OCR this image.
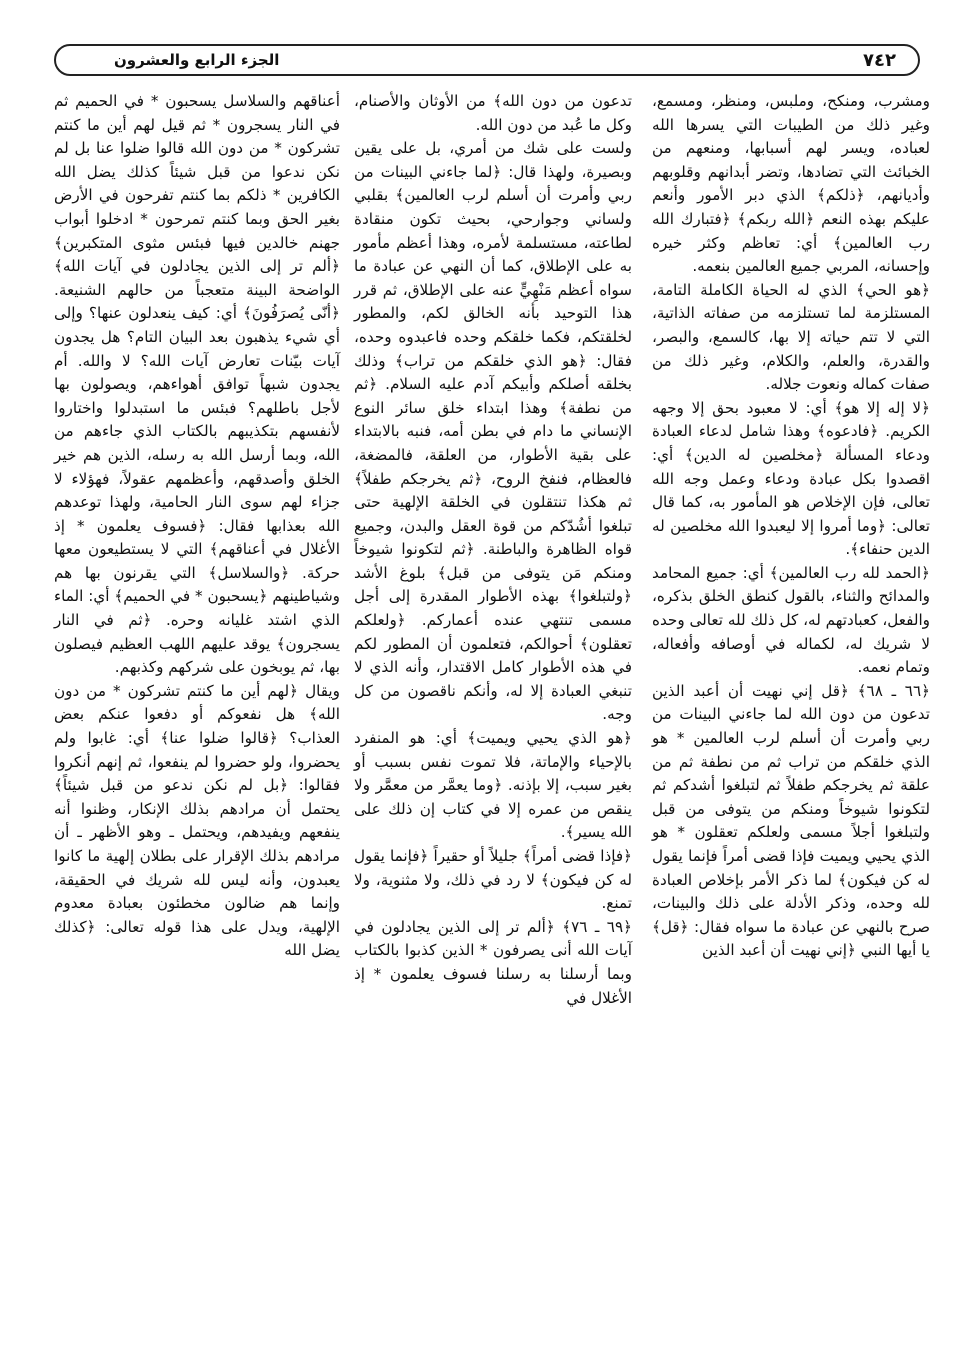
٧٤٢
الجزء الرابع والعشرون

ومشرب، ومنكح، وملبس، ومنظر، ومسمع، وغير ذلك من الطيبات التي يسرها الله لعباده، ويسر لهم أسبابها، ومنعهم من الخبائث التي تضادها، وتضر أبدانهم وقلوبهم وأديانهم، ﴿ذلكم﴾ الذي دبر الأمور وأنعم عليكم بهذه النعم ﴿الله ربكم﴾ ﴿فتبارك الله رب العالمين﴾ أي: تعاظم وكثر خيره وإحسانه، المربي جميع العالمين بنعمه.

﴿هو الحي﴾ الذي له الحياة الكاملة التامة، المستلزمة لما تستلزمه من صفاته الذاتية، التي لا تتم حياته إلا بها، كالسمع، والبصر، والقدرة، والعلم، والكلام، وغير ذلك من صفات كماله ونعوت جلاله.

﴿لا إله إلا هو﴾ أي: لا معبود بحق إلا وجهه الكريم. ﴿فادعوه﴾ وهذا شامل لدعاء العبادة ودعاء المسألة ﴿مخلصين له الدين﴾ أي: اقصدوا بكل عبادة ودعاء وعمل وجه الله تعالى، فإن الإخلاص هو المأمور به، كما قال تعالى: ﴿وما أمروا إلا ليعبدوا الله مخلصين له الدين حنفاء﴾.

﴿الحمد لله رب العالمين﴾ أي: جميع المحامد والمدائح والثناء، بالقول كنطق الخلق بذكره، والفعل، كعبادتهم له، كل ذلك لله تعالى وحده لا شريك له، لكماله في أوصافه وأفعاله، وتمام نعمه.

﴿٦٦ ـ ٦٨﴾ ﴿قل إني نهيت أن أعبد الذين تدعون من دون الله لما جاءني البينات من ربي وأمرت أن أسلم لرب العالمين * هو الذي خلقكم من تراب ثم من نطفة ثم من علقة ثم يخرجكم طفلاً ثم لتبلغوا أشدكم ثم لتكونوا شيوخاً ومنكم من يتوفى من قبل ولتبلغوا أجلاً مسمى ولعلكم تعقلون * هو الذي يحيي ويميت فإذا قضى أمراً فإنما يقول له كن فيكون﴾ لما ذكر الأمر بإخلاص العبادة لله وحده، وذكر الأدلة على ذلك والبينات، صرح بالنهي عن عبادة ما سواه فقال: ﴿قل﴾ يا أيها النبي ﴿إني نهيت أن أعبد الذين

تدعون من دون الله﴾ من الأوثان والأصنام، وكل ما عُبد من دون الله.

ولست على شك من أمري، بل على يقين وبصيرة، ولهذا قال: ﴿لما جاءني البينات من ربي وأمرت أن أسلم لرب العالمين﴾ بقلبي ولساني وجوارحي، بحيث تكون منقادة لطاعته، مستسلمة لأمره، وهذا أعظم مأمور به على الإطلاق، كما أن النهي عن عبادة ما سواه أعظم مَنْهِيٍّ عنه على الإطلاق، ثم قرر هذا التوحيد بأنه الخالق لكم، والمطور لخلقتكم، فكما خلقكم وحده فاعبدوه وحده، فقال: ﴿هو الذي خلقكم من تراب﴾ وذلك بخلقه أصلكم وأبيكم آدم عليه السلام. ﴿ثم من نطفة﴾ وهذا ابتداء خلق سائر النوع الإنساني ما دام في بطن أمه، فنبه بالابتداء على بقية الأطوار، من العلقة، فالمضغة، فالعظام، فنفخ الروح، ﴿ثم يخرجكم طفلاً﴾ ثم هكذا تنتقلون في الخلقة الإلهية حتى تبلغوا أشُدّكم من قوة العقل والبدن، وجميع قواه الظاهرة والباطنة. ﴿ثم لتكونوا شيوخاً ومنكم مَن يتوفى من قبل﴾ بلوغ الأشد ﴿ولتبلغوا﴾ بهذه الأطوار المقدرة إلى أجل مسمى تنتهي عنده أعماركم. ﴿ولعلكم تعقلون﴾ أحوالكم، فتعلمون أن المطور لكم في هذه الأطوار كامل الاقتدار، وأنه الذي لا تنبغي العبادة إلا له، وأنكم ناقصون من كل وجه.

﴿هو الذي يحيي ويميت﴾ أي: هو المنفرد بالإحياء والإماتة، فلا تموت نفس بسبب أو بغير سبب، إلا بإذنه. ﴿وما يعمَّر من معمَّر ولا ينقص من عمره إلا في كتاب إن ذلك على الله يسير﴾.

﴿فإذا قضى أمراً﴾ جليلاً أو حقيراً ﴿فإنما يقول له كن فيكون﴾ لا رد في ذلك، ولا مثنوية، ولا تمنع.

﴿٦٩ ـ ٧٦﴾ ﴿ألم تر إلى الذين يجادلون في آيات الله أنى يصرفون * الذين كذبوا بالكتاب وبما أرسلنا به رسلنا فسوف يعلمون * إذ الأغلال في

أعناقهم والسلاسل يسحبون * في الحميم ثم في النار يسجرون * ثم قيل لهم أين ما كنتم تشركون * من دون الله قالوا ضلوا عنا بل لم نكن ندعوا من قبل شيئاً كذلك يضل الله الكافرين * ذلكم بما كنتم تفرحون في الأرض بغير الحق وبما كنتم تمرحون * ادخلوا أبواب جهنم خالدين فيها فبئس مثوى المتكبرين﴾ ﴿ألم تر إلى الذين يجادلون في آيات الله﴾ الواضحة البينة متعجباً من حالهم الشنيعة. ﴿أنّى يُصرَفُونَ﴾ أي: كيف ينعدلون عنها؟ وإلى أي شيء يذهبون بعد البيان التام؟ هل يجدون آيات بيّنات تعارض آيات الله؟ لا والله. أم يجدون شبهاً توافق أهواءهم، ويصولون بها لأجل باطلهم؟ فبئس ما استبدلوا واختاروا لأنفسهم بتكذيبهم بالكتاب الذي جاءهم من الله، وبما أرسل الله به رسله، الذين هم خير الخلق وأصدقهم، وأعظمهم عقولاً، فهؤلاء لا جزاء لهم سوى النار الحامية، ولهذا توعدهم الله بعذابها فقال: ﴿فسوف يعلمون * إذ الأغلال في أعناقهم﴾ التي لا يستطيعون معها حركة. ﴿والسلاسل﴾ التي يقرنون بها هم وشياطينهم ﴿يسحبون * في الحميم﴾ أي: الماء الذي اشتد غليانه وحره. ﴿ثم في النار يسجرون﴾ يوقد عليهم اللهب العظيم فيصلون بها، ثم يوبخون على شركهم وكذبهم.

ويقال ﴿لهم أين ما كنتم تشركون * من دون الله﴾ هل نفعوكم أو دفعوا عنكم بعض العذاب؟ ﴿قالوا ضلوا عنا﴾ أي: غابوا ولم يحضروا، ولو حضروا لم ينفعوا، ثم إنهم أنكروا فقالوا: ﴿بل لم نكن ندعو من قبل شيئاً﴾ يحتمل أن مرادهم بذلك الإنكار، وظنوا أنه ينفعهم ويفيدهم، ويحتمل ـ وهو الأظهر ـ أن مرادهم بذلك الإقرار على بطلان إلهية ما كانوا يعبدون، وأنه ليس لله شريك في الحقيقة، وإنما هم ضالون مخطئون بعبادة معدوم الإلهية، ويدل على هذا قوله تعالى: ﴿كذلك يضل الله
